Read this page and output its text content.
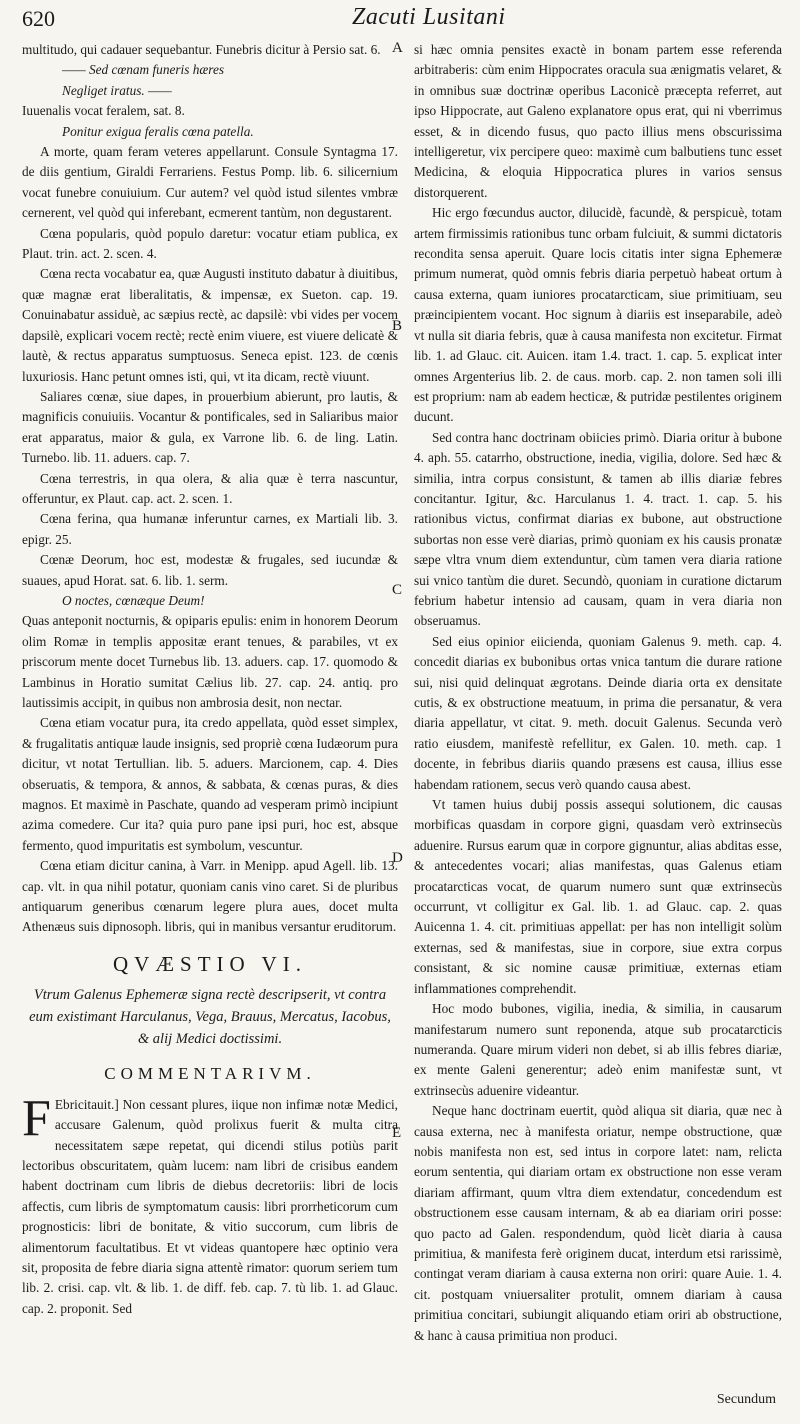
620	Zacuti Lusitani

multitudo, qui cadauer sequebantur. Funebris dicitur à Persio sat. 6.

—— Sed cœnam funeris hæres

Negliget iratus. ——

Iuuenalis vocat feralem, sat. 8.

Ponitur exigua feralis cœna patella.

A morte, quam feram veteres appellarunt. Consule Syntagma 17. de diis gentium, Giraldi Ferrariens. Festus Pomp. lib. 6. silicernium vocat funebre conuiuium. Cur autem? vel quòd istud silentes vmbræ cernerent, vel quòd qui inferebant, ecmerent tantùm, non degustarent.

Cœna popularis, quòd populo daretur: vocatur etiam publica, ex Plaut. trin. act. 2. scen. 4.

Cœna recta vocabatur ea, quæ Augusti instituto dabatur à diuitibus, quæ magnæ erat liberalitatis, & impensæ, ex Sueton. cap. 19. Conuinabatur assiduè, ac sæpius rectè, ac dapsilè: vbi vides per vocem dapsilè, explicari vocem rectè; rectè enim viuere, est viuere delicatè & lautè, & rectus apparatus sumptuosus. Seneca epist. 123. de cœnis luxuriosis. Hanc petunt omnes isti, qui, vt ita dicam, rectè viuunt.

Saliares cœnæ, siue dapes, in prouerbium abierunt, pro lautis, & magnificis conuiuiis. Vocantur & pontificales, sed in Saliaribus maior erat apparatus, maior & gula, ex Varrone lib. 6. de ling. Latin. Turnebo. lib. 11. aduers. cap. 7.

Cœna terrestris, in qua olera, & alia quæ è terra nascuntur, offeruntur, ex Plaut. cap. act. 2. scen. 1.

Cœna ferina, qua humanæ inferuntur carnes, ex Martiali lib. 3. epigr. 25.

Cœnæ Deorum, hoc est, modestæ & frugales, sed iucundæ & suaues, apud Horat. sat. 6. lib. 1. serm.

O noctes, cœnæque Deum!

Quas anteponit nocturnis, & opiparis epulis: enim in honorem Deorum olim Romæ in templis appositæ erant tenues, & parabiles, vt ex priscorum mente docet Turnebus lib. 13. aduers. cap. 17. quomodo & Lambinus in Horatio sumitat Cælius lib. 27. cap. 24. antiq. pro lautissimis accipit, in quibus non ambrosia desit, non nectar.

Cœna etiam vocatur pura, ita credo appellata, quòd esset simplex, & frugalitatis antiquæ laude insignis, sed propriè cœna Iudæorum pura dicitur, vt notat Tertullian. lib. 5. aduers. Marcionem, cap. 4. Dies obseruatis, & tempora, & annos, & sabbata, & cœnas puras, & dies magnos. Et maximè in Paschate, quando ad vesperam primò incipiunt azima comedere. Cur ita? quia puro pane ipsi puri, hoc est, absque fermento, quod impuritatis est symbolum, vescuntur.

Cœna etiam dicitur canina, à Varr. in Menipp. apud Agell. lib. 13. cap. vlt. in qua nihil potatur, quoniam canis vino caret. Si de pluribus antiquarum generibus cœnarum legere plura aues, docet multa Athenæus suis dipnosoph. libris, qui in manibus versantur eruditorum.

QVÆSTIO VI.

Vtrum Galenus Ephemeræ signa rectè descripserit, vt contra eum existimant Harculanus, Vega, Brauus, Mercatus, Iacobus, & alij Medici doctissimi.

COMMENTARIVM.

F Ebricitauit.] Non cessant plures, iique non infimæ notæ Medici, accusare Galenum, quòd prolixus fuerit & multa citra necessitatem sæpe repetat, qui dicendi stilus potiùs parit lectoribus obscuritatem, quàm lucem: nam libri de crisibus eandem habent doctrinam cum libris de diebus decretoriis: libri de locis affectis, cum libris de symptomatum causis: libri prorrheticorum cum prognosticis: libri de bonitate, & vitio succorum, cum libris de alimentorum facultatibus. Et vt videas quantopere hæc optinio vera sit, proposita de febre diaria signa attentè rimator: quorum seriem tum lib. 2. crisi. cap. vlt. & lib. 1. de diff. feb. cap. 7. tù lib. 1. ad Glauc. cap. 2. proponit. Sed

A
B
C
D
E

si hæc omnia pensites exactè in bonam partem esse referenda arbitraberis: cùm enim Hippocrates oracula sua ænigmatis velaret, & in omnibus suæ doctrinæ operibus Laconicè præcepta referret, aut ipso Hippocrate, aut Galeno explanatore opus erat, qui ni vberrimus esset, & in dicendo fusus, quo pacto illius mens obscurissima intelligeretur, vix percipere queo: maximè cum balbutiens tunc esset Medicina, & eloquia Hippocratica plures in varios sensus distorquerent.

Hic ergo fœcundus auctor, dilucidè, facundè, & perspicuè, totam artem firmissimis rationibus tunc orbam fulciuit, & summi dictatoris recondita sensa aperuit. Quare locis citatis inter signa Ephemeræ primum numerat, quòd omnis febris diaria perpetuò habeat ortum à causa externa, quam iuniores procatarcticam, siue primitiuam, seu præincipientem vocant. Hoc signum à diariis est inseparabile, adeò vt nulla sit diaria febris, quæ à causa manifesta non excitetur. Firmat lib. 1. ad Glauc. cit. Auicen. itam 1.4. tract. 1. cap. 5. explicat inter omnes Argenterius lib. 2. de caus. morb. cap. 2. non tamen soli illi est proprium: nam ab eadem hecticæ, & putridæ pestilentes originem ducunt.

Sed contra hanc doctrinam obiicies primò. Diaria oritur à bubone 4. aph. 55. catarrho, obstructione, inedia, vigilia, dolore. Sed hæc & similia, intra corpus consistunt, & tamen ab illis diariæ febres concitantur. Igitur, &c. Harculanus 1. 4. tract. 1. cap. 5. his rationibus victus, confirmat diarias ex bubone, aut obstructione subortas non esse verè diarias, primò quoniam ex his causis pronatæ sæpe vltra vnum diem extenduntur, cùm tamen vera diaria ratione sui vnico tantùm die duret. Secundò, quoniam in curatione dictarum febrium habetur intensio ad causam, quam in vera diaria non obseruamus.

Sed eius opinior eiicienda, quoniam Galenus 9. meth. cap. 4. concedit diarias ex bubonibus ortas vnica tantum die durare ratione sui, nisi quid delinquat ægrotans. Deinde diaria orta ex densitate cutis, & ex obstructione meatuum, in prima die persanatur, & vera diaria appellatur, vt citat. 9. meth. docuit Galenus. Secunda verò ratio eiusdem, manifestè refellitur, ex Galen. 10. meth. cap. 1 docente, in febribus diariis quando præsens est causa, illius esse habendam rationem, secus verò quando causa abest.

Vt tamen huius dubij possis assequi solutionem, dic causas morbificas quasdam in corpore gigni, quasdam verò extrinsecùs aduenire. Rursus earum quæ in corpore gignuntur, alias abditas esse, & antecedentes vocari; alias manifestas, quas Galenus etiam procatarcticas vocat, de quarum numero sunt quæ extrinsecùs occurrunt, vt colligitur ex Gal. lib. 1. ad Glauc. cap. 2. quas Auicenna 1. 4. cit. primitiuas appellat: per has non intelligit solùm externas, sed & manifestas, siue in corpore, siue extra corpus consistant, & sic nomine causæ primitiuæ, externas etiam inflammationes comprehendit.

Hoc modo bubones, vigilia, inedia, & similia, in causarum manifestarum numero sunt reponenda, atque sub procatarcticis numeranda. Quare mirum videri non debet, si ab illis febres diariæ, ex mente Galeni generentur; adeò enim manifestæ sunt, vt extrinsecùs aduenire videantur.

Neque hanc doctrinam euertit, quòd aliqua sit diaria, quæ nec à causa externa, nec à manifesta oriatur, nempe obstructione, quæ nobis manifesta non est, sed intus in corpore latet: nam, relicta eorum sententia, qui diariam ortam ex obstructione non esse veram diariam affirmant, quum vltra diem extendatur, concedendum est obstructionem esse causam internam, & ab ea diariam oriri posse: quo pacto ad Galen. respondendum, quòd licèt diaria à causa primitiua, & manifesta ferè originem ducat, interdum etsi rarissimè, contingat veram diariam à causa externa non oriri: quare Auie. 1. 4. cit. postquam vniuersaliter protulit, omnem diariam à causa primitiua concitari, subiungit aliquando etiam oriri ab obstructione, & hanc à causa primitiua non produci.

Secundum
